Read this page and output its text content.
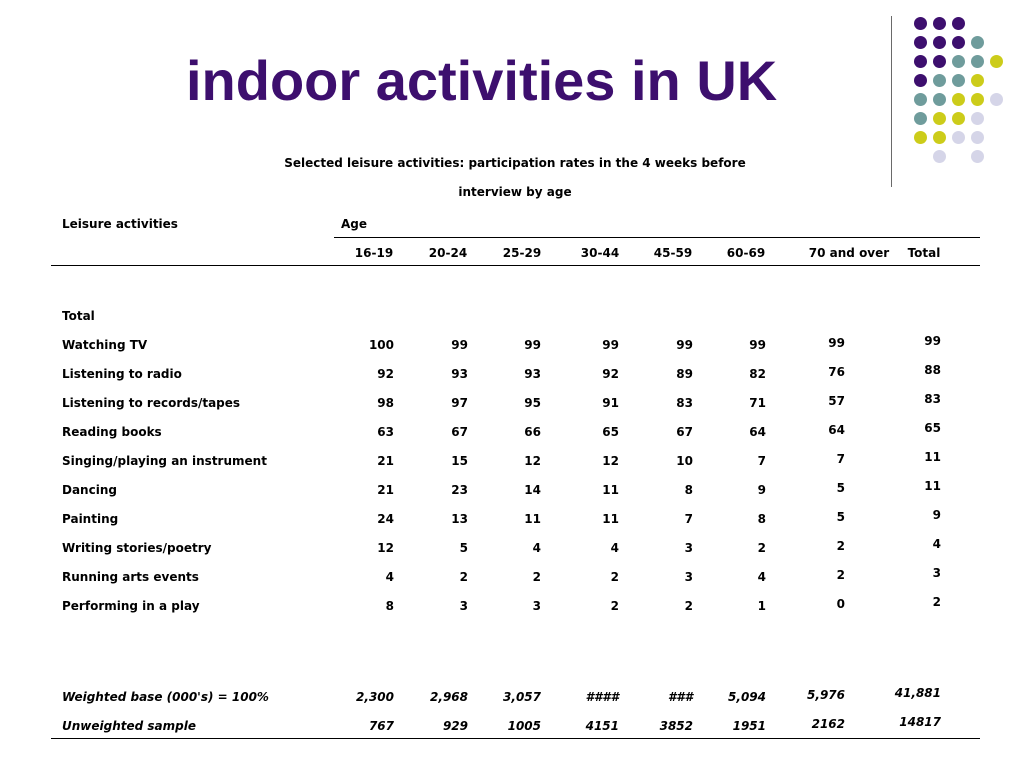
indoor activities in UK
Selected leisure activities: participation rates in the 4 weeks before
interview by age
Leisure activities	Age
16-19	20-24	25-29	30-44	45-59	60-69	70 and over	Total
Total
Watching TV	100	99	99	99	99	99	99	99
Listening to radio	92	93	93	92	89	82	76	88
Listening to records/tapes	98	97	95	91	83	71	57	83
Reading books	63	67	66	65	67	64	64	65
Singing/playing an instrument	21	15	12	12	10	7	7	11
Dancing	21	23	14	11	8	9	5	11
Painting	24	13	11	11	7	8	5	9
Writing stories/poetry	12	5	4	4	3	2	2	4
Running arts events	4	2	2	2	3	4	2	3
Performing in a play	8	3	3	2	2	1	0	2
Weighted base (000's) = 100%	2,300	2,968	3,057	####	###	5,094	5,976	41,881
Unweighted sample	767	929	1005	4151	3852	1951	2162	14817
